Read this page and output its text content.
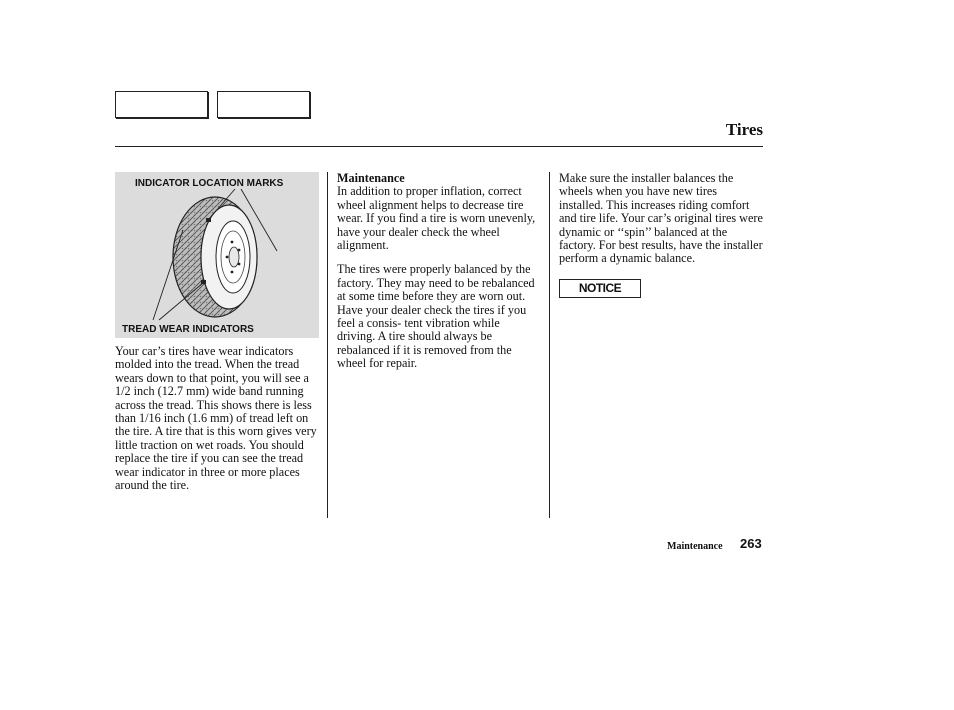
Tires
INDICATOR LOCATION MARKS
TREAD WEAR INDICATORS
Your car’s tires have wear indicators molded into the tread. When the tread wears down to that point, you will see a 1/2 inch (12.7 mm) wide band running across the tread. This shows there is less than 1/16 inch (1.6 mm) of tread left on the tire. A tire that is this worn gives very little traction on wet roads. You should replace the tire if you can see the tread wear indicator in three or more places around the tire.
Maintenance
In addition to proper inflation, correct wheel alignment helps to decrease tire wear. If you find a tire is worn unevenly, have your dealer check the wheel alignment.
The tires were properly balanced by the factory. They may need to be rebalanced at some time before they are worn out. Have your dealer check the tires if you feel a consis- tent vibration while driving. A tire should always be rebalanced if it is removed from the wheel for repair.
Make sure the installer balances the wheels when you have new tires installed. This increases riding comfort and tire life. Your car’s original tires were dynamic or ‘‘spin’’ balanced at the factory. For best results, have the installer perform a dynamic balance.
NOTICE
Maintenance 263
